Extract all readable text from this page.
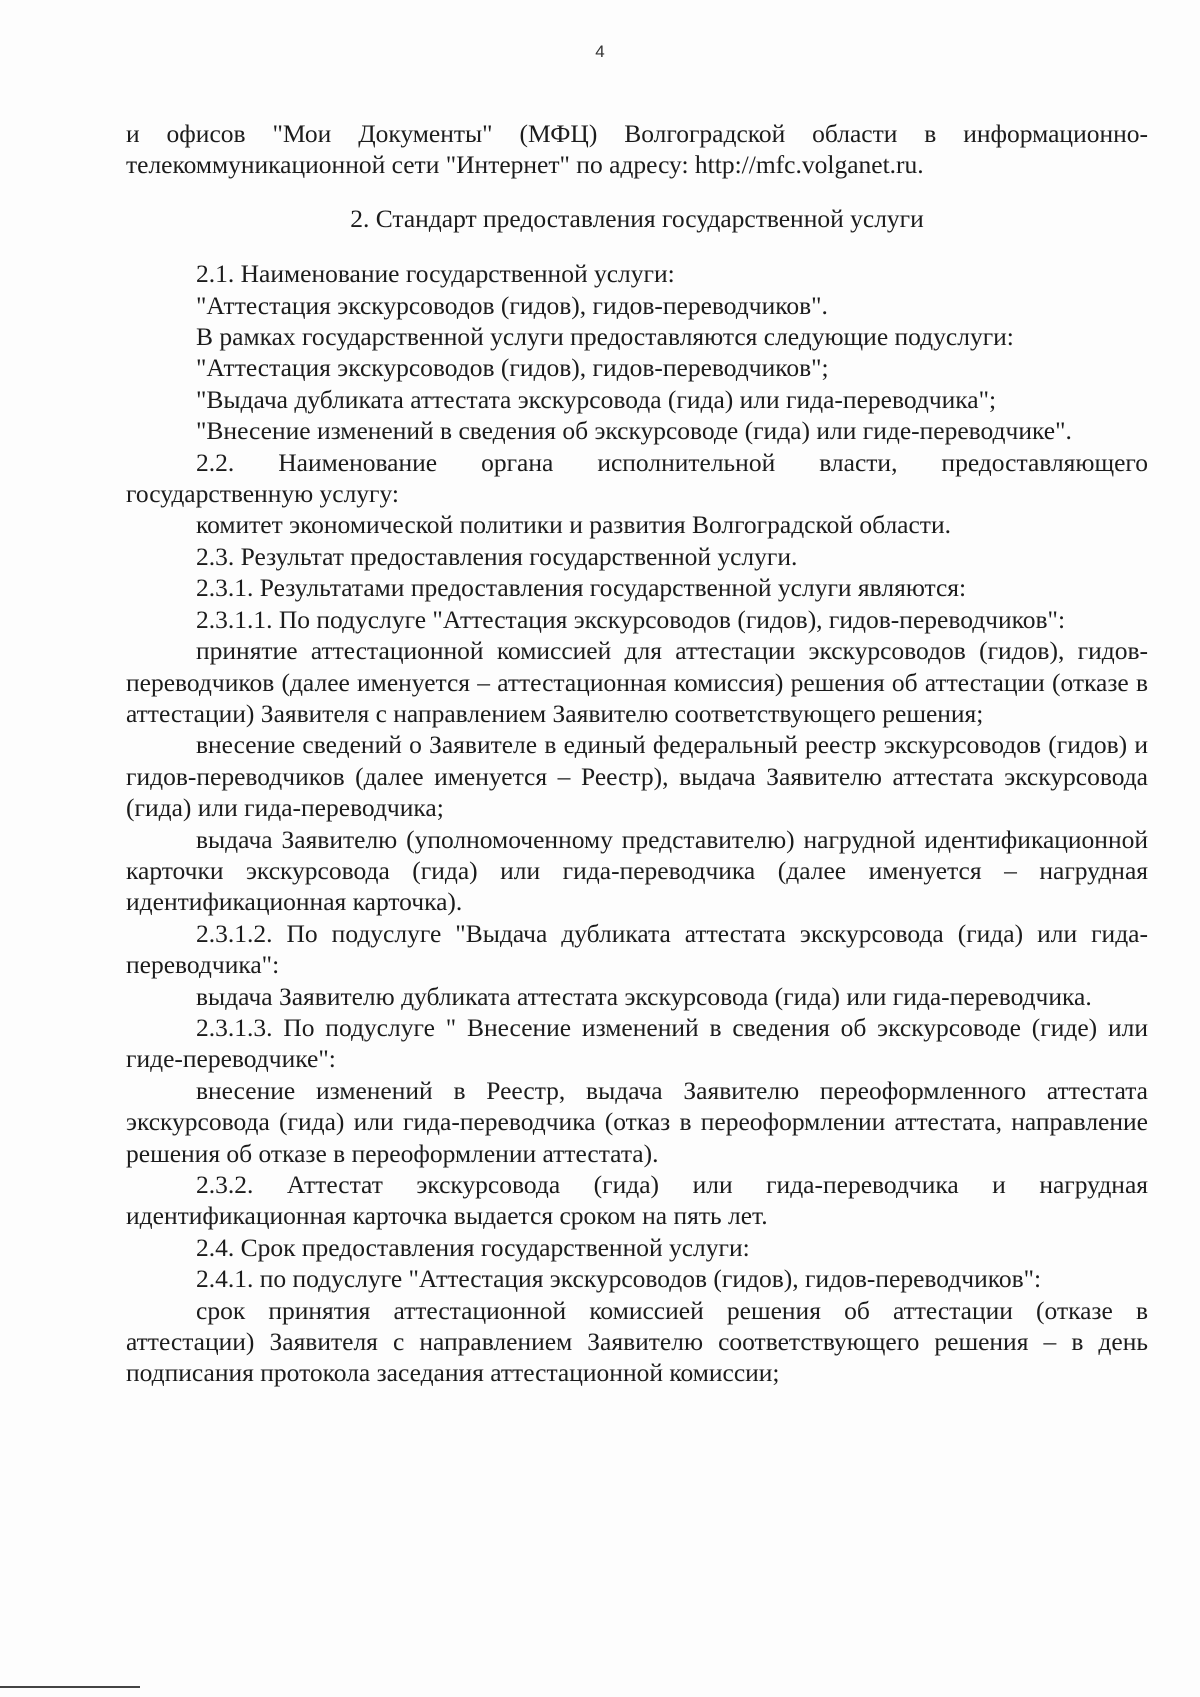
4

и офисов "Мои Документы" (МФЦ) Волгоградской области в информационно-телекоммуникационной сети "Интернет" по адресу: http://mfc.volganet.ru.

2. Стандарт предоставления государственной услуги

2.1. Наименование государственной услуги:

"Аттестация экскурсоводов (гидов), гидов-переводчиков".

В рамках государственной услуги предоставляются следующие подуслуги:

"Аттестация экскурсоводов (гидов), гидов-переводчиков";

"Выдача дубликата аттестата экскурсовода (гида) или гида-переводчика";

"Внесение изменений в сведения об экскурсоводе (гида) или гиде-переводчике".

2.2. Наименование органа исполнительной власти, предоставляющего государственную услугу:

комитет экономической политики и развития Волгоградской области.

2.3. Результат предоставления государственной услуги.

2.3.1. Результатами предоставления государственной услуги являются:

2.3.1.1. По подуслуге "Аттестация экскурсоводов (гидов), гидов-переводчиков":

принятие аттестационной комиссией для аттестации экскурсоводов (гидов), гидов-переводчиков (далее именуется – аттестационная комиссия) решения об аттестации (отказе в аттестации) Заявителя с направлением Заявителю соответствующего решения;

внесение сведений о Заявителе в единый федеральный реестр экскурсоводов (гидов) и гидов-переводчиков (далее именуется – Реестр), выдача Заявителю аттестата экскурсовода (гида) или гида-переводчика;

выдача Заявителю (уполномоченному представителю) нагрудной идентификационной карточки экскурсовода (гида) или гида-переводчика (далее именуется – нагрудная идентификационная карточка).

2.3.1.2. По подуслуге "Выдача дубликата аттестата экскурсовода (гида) или гида-переводчика":

выдача Заявителю дубликата аттестата экскурсовода (гида) или гида-переводчика.

2.3.1.3. По подуслуге " Внесение изменений в сведения об экскурсоводе (гиде) или гиде-переводчике":

внесение изменений в Реестр, выдача Заявителю переоформленного аттестата экскурсовода (гида) или гида-переводчика (отказ в переоформлении аттестата, направление решения об отказе в переоформлении аттестата).

2.3.2. Аттестат экскурсовода (гида) или гида-переводчика и нагрудная идентификационная карточка выдается сроком на пять лет.

2.4. Срок предоставления государственной услуги:

2.4.1. по подуслуге "Аттестация экскурсоводов (гидов), гидов-переводчиков":

срок принятия аттестационной комиссией решения об аттестации (отказе в аттестации) Заявителя с направлением Заявителю соответствующего решения – в день подписания протокола заседания аттестационной комиссии;
